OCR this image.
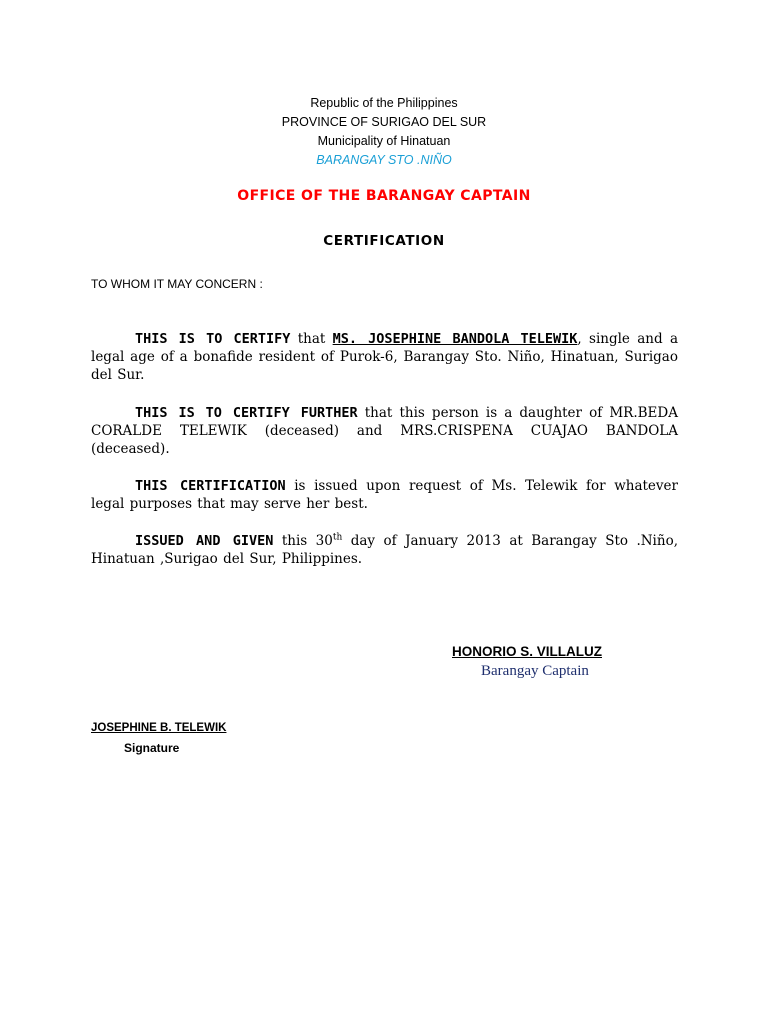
Republic of the Philippines
PROVINCE OF SURIGAO DEL SUR
Municipality of Hinatuan
BARANGAY STO .NIÑO
OFFICE OF THE BARANGAY CAPTAIN
CERTIFICATION
TO WHOM IT MAY CONCERN :
THIS IS TO CERTIFY that MS. JOSEPHINE BANDOLA TELEWIK, single and a legal age of a bonafide resident of Purok-6, Barangay Sto. Niño, Hinatuan, Surigao del Sur.
THIS IS TO CERTIFY FURTHER that this person is a daughter of MR.BEDA CORALDE TELEWIK (deceased) and MRS.CRISPENA CUAJAO BANDOLA (deceased).
THIS CERTIFICATION is issued upon request of Ms. Telewik for whatever legal purposes that may serve her best.
ISSUED AND GIVEN this 30th day of January 2013 at Barangay Sto .Niño, Hinatuan ,Surigao del Sur, Philippines.
HONORIO S. VILLALUZ
Barangay Captain
JOSEPHINE B. TELEWIK
Signature
